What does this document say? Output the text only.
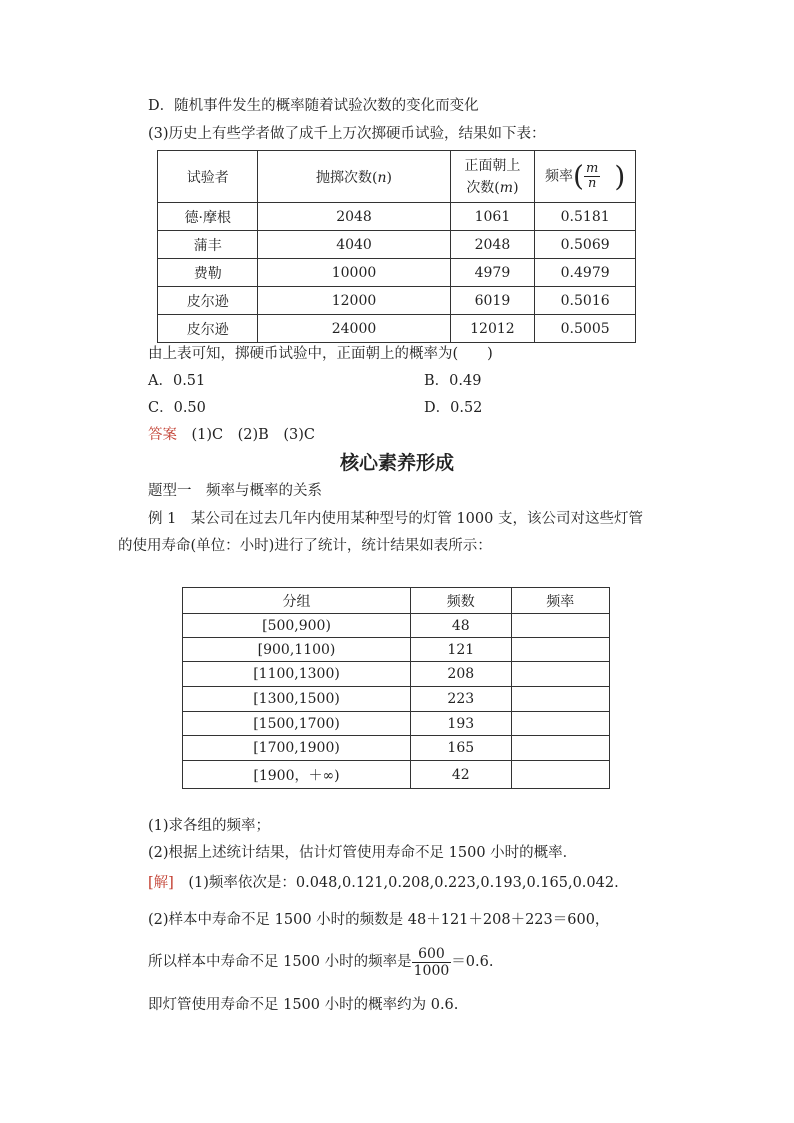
D．随机事件发生的概率随着试验次数的变化而变化
(3)历史上有些学者做了成千上万次掷硬币试验，结果如下表：
试验者	抛掷次数(n)	正面朝上
次数(m)	频率( $\frac{m}{n}$ )
德·摩根	2048	1061	0.5181
蒲丰	4040	2048	0.5069
费勒	10000	4979	0.4979
皮尔逊	12000	6019	0.5016
皮尔逊	24000	12012	0.5005
由上表可知，掷硬币试验中，正面朝上的概率为(　　)
A．0.51	B．0.49
C．0.50	D．0.52
答案　 (1)C　(2)B　(3)C
核心素养形成
题型一　频率与概率的关系
例 1　某公司在过去几年内使用某种型号的灯管 1000 支，该公司对这些灯管
的使用寿命(单位：小时)进行了统计，统计结果如表所示：
分组	频数	频率
[500,900)	48	
[900,1100)	121	
[1100,1300)	208	
[1300,1500)	223	
[1500,1700)	193	
[1700,1900)	165	
[1900，＋∞)	42	
(1)求各组的频率；
(2)根据上述统计结果，估计灯管使用寿命不足 1500 小时的概率．
[解]　 (1)频率依次是：0.048,0.121,0.208,0.223,0.193,0.165,0.042.
(2)样本中寿命不足 1500 小时的频数是 48＋121＋208＋223＝600，
所以样本中寿命不足 1500 小时的频率是 $\frac{600}{1000} =0.6$.
即灯管使用寿命不足 1500 小时的概率约为 0.6.
